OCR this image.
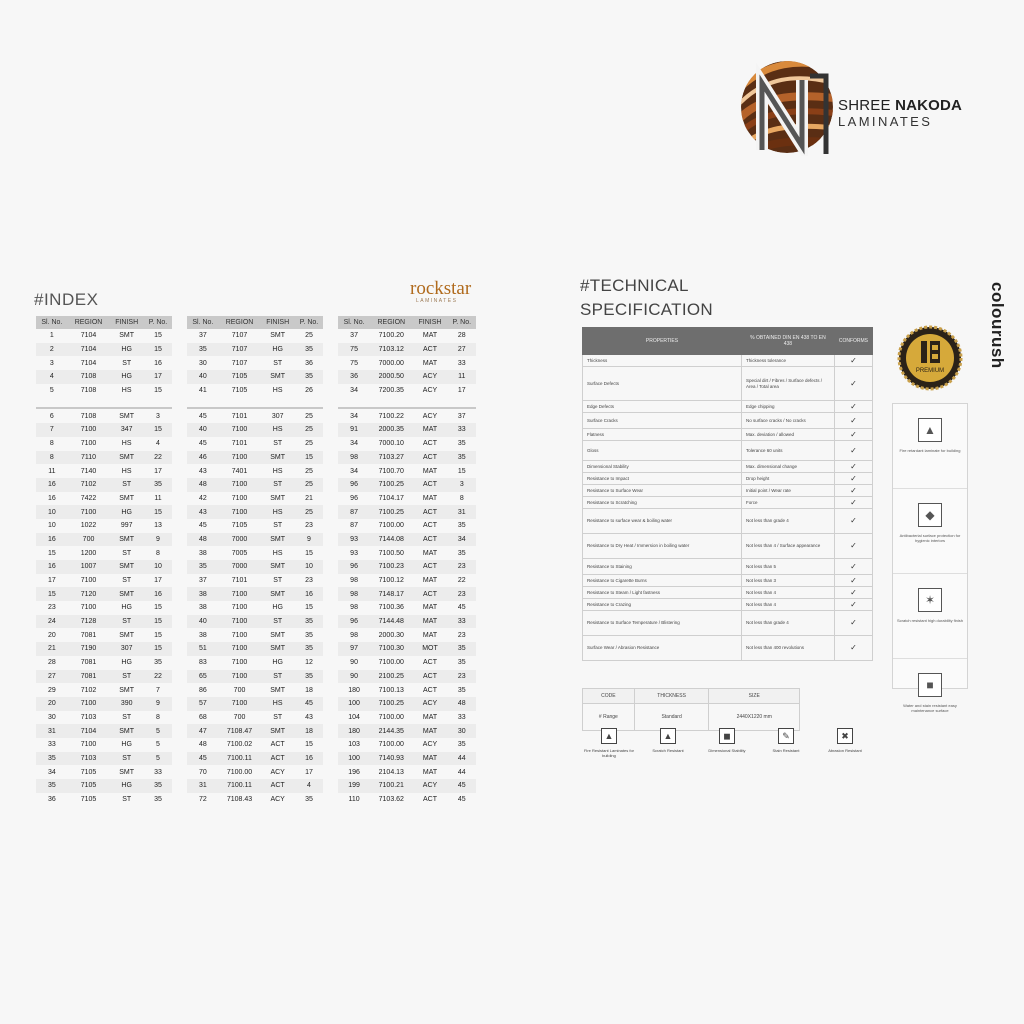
SHREE NAKODA
LAMINATES
#INDEX
rockstar
LAMINATES
Sl. No.	REGION	FINISH	P. No.
1	7104	SMT	15
2	7104	HG	15
3	7104	ST	16
4	7108	HG	17
5	7108	HS	15

6	7108	SMT	3
7	7100	347	15
8	7100	HS	4
8	7110	SMT	22
11	7140	HS	17
16	7102	ST	35
16	7422	SMT	11
10	7100	HG	15
10	1022	997	13
16	700	SMT	9
15	1200	ST	8
16	1007	SMT	10
17	7100	ST	17
15	7120	SMT	16
23	7100	HG	15
24	7128	ST	15
20	7081	SMT	15
21	7190	307	15
28	7081	HG	35
27	7081	ST	22
29	7102	SMT	7
20	7100	390	9
30	7103	ST	8
31	7104	SMT	5
33	7100	HG	5
35	7103	ST	5
34	7105	SMT	33
35	7105	HG	35
36	7105	ST	35
Sl. No.	REGION	FINISH	P. No.
37	7107	SMT	25
35	7107	HG	35
30	7107	ST	36
40	7105	SMT	35
41	7105	HS	26

45	7101	307	25
40	7100	HS	25
45	7101	ST	25
46	7100	SMT	15
43	7401	HS	25
48	7100	ST	25
42	7100	SMT	21
43	7100	HS	25
45	7105	ST	23
48	7000	SMT	9
38	7005	HS	15
35	7000	SMT	10
37	7101	ST	23
38	7100	SMT	16
38	7100	HG	15
40	7100	ST	35
38	7100	SMT	35
51	7100	SMT	35
83	7100	HG	12
65	7100	ST	35
86	700	SMT	18
57	7100	HS	45
68	700	ST	43
47	7108.47	SMT	18
48	7100.02	ACT	15
45	7100.11	ACT	16
70	7100.00	ACY	17
31	7100.11	ACT	4
72	7108.43	ACY	35
Sl. No.	REGION	FINISH	P. No.
37	7100.20	MAT	28
75	7103.12	ACT	27
75	7000.00	MAT	33
36	2000.50	ACY	11
34	7200.35	ACY	17

34	7100.22	ACY	37
91	2000.35	MAT	33
34	7000.10	ACT	35
98	7103.27	ACT	35
34	7100.70	MAT	15
96	7100.25	ACT	3
96	7104.17	MAT	8
87	7100.25	ACT	31
87	7100.00	ACT	35
93	7144.08	ACT	34
93	7100.50	MAT	35
96	7100.23	ACT	23
98	7100.12	MAT	22
98	7148.17	ACT	23
98	7100.36	MAT	45
96	7144.48	MAT	33
98	2000.30	MAT	23
97	7100.30	MOT	35
90	7100.00	ACT	35
90	2100.25	ACT	23
180	7100.13	ACT	35
100	7100.25	ACY	48
104	7100.00	MAT	33
180	2144.35	MAT	30
103	7100.00	ACY	35
100	7140.93	MAT	44
196	2104.13	MAT	44
199	7100.21	ACY	45
110	7103.62	ACT	45
#TECHNICAL
SPECIFICATION
PROPERTIES	% OBTAINED DIN EN 438 TO EN 438	CONFORMS
Thickness	Thickness tolerance	✓
Surface Defects	Special dirt / Fibres / Surface defects / Area / Total area	✓
Edge Defects	Edge chipping	✓
Surface Cracks	No surface cracks / No cracks	✓
Flatness	Max. deviation / allowed	✓
Gloss	Tolerance 60 units	✓
Dimensional Stability	Max. dimensional change	✓
Resistance to Impact	Drop height	✓
Resistance to Surface Wear	Initial point / Wear rate	✓
Resistance to Scratching	Force	✓
Resistance to surface wear & boiling water	Not less than grade 4	✓
Resistance to Dry Heat / Immersion in boiling water	Not less than 4 / Surface appearance	✓
Resistance to Staining	Not less than 5	✓
Resistance to Cigarette Burns	Not less than 3	✓
Resistance to Steam / Light fastness	Not less than 4	✓
Resistance to Crazing	Not less than 4	✓
Resistance to Surface Temperature / Blistering	Not less than grade 4	✓
Surface Wear / Abrasion Resistance	Not less than 400 revolutions	✓
colourush
PREMIUM
▲
Fire retardant laminate for building
◆
Antibacterial surface protection for hygienic interiors
✶
Scratch resistant high durability finish
■
Water and stain resistant easy maintenance surface
CODE	THICKNESS	SIZE
# Range	Standard	2440X1220 mm
▲
Fire Resistant Laminates for building
▲
Scratch Resistant
◼
Dimensional Stability
✎
Stain Resistant
✖
Abrasion Resistant
